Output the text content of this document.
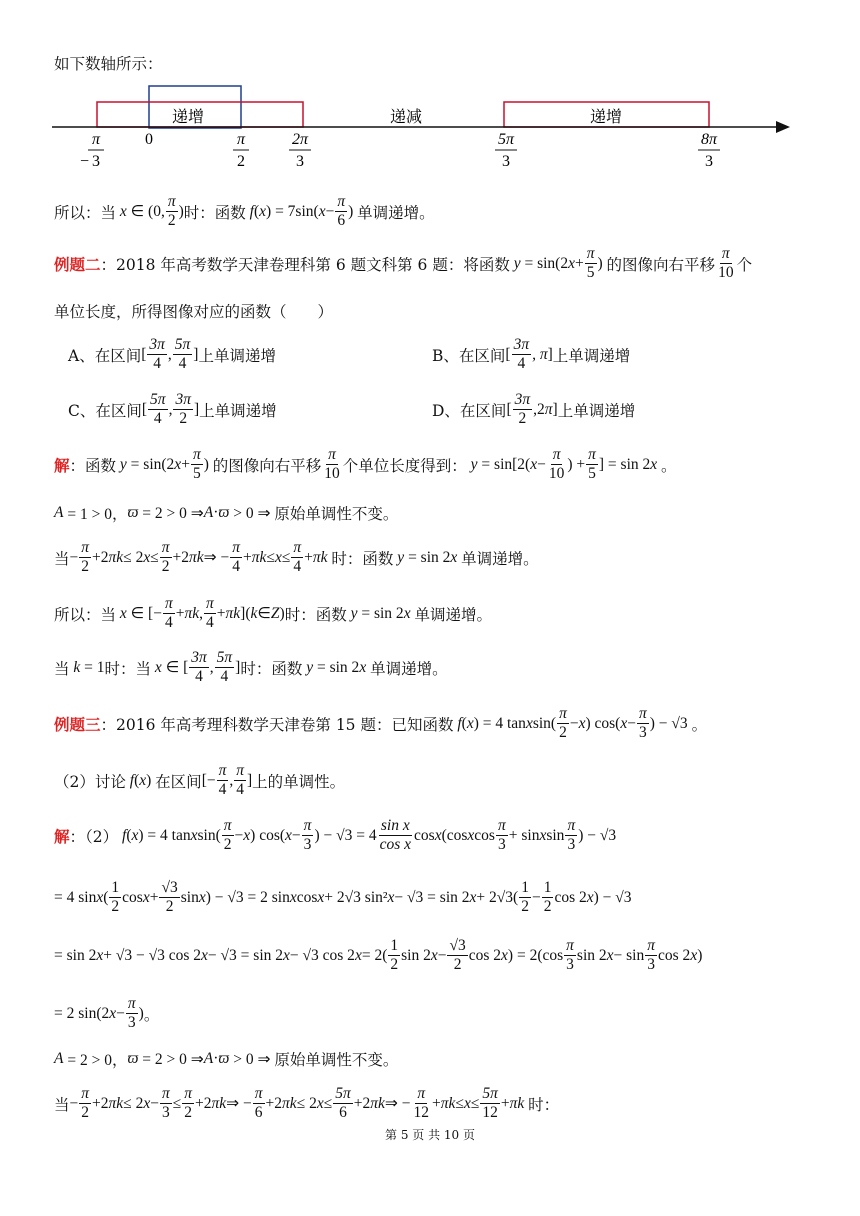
如下数轴所示：
递增	递减	递增
−
π
3
0	π
2
2π
3
5π
3
8π
3
所以：当 x ∈ (0, $\frac{\pi}{2}$ ) 时：函数 f ( x ) = 7sin( $x - \frac{\pi}{6}$ ) 单调递增。
例题二 ：2018 年高考数学天津卷理科第 6 题文科第 6 题：将函数 y = sin(2 $x + \frac{\pi}{5}$ ) 的图像向右平移 $\frac{\pi}{10}$ 个
单位长度，所得图像对应的函数（　　）
A、在区间 [ $\frac{3\pi}{4}$ , $\frac{5\pi}{4}$ ] 上单调递增	B、在区间 [ $\frac{3\pi}{4}$ , π ] 上单调递增
C、在区间 [ $\frac{5\pi}{4}$ , $\frac{3\pi}{2}$ ] 上单调递增	D、在区间 [ $\frac{3\pi}{2} ,2$ π ] 上单调递增
解 ：函数 y = sin(2 $x + \frac{\pi}{5}$ ) 的图像向右平移 $\frac{\pi}{10}$ 个单位长度得到： y = sin[2( $x - \frac{\pi}{10}$ ) + $\frac{\pi}{5}$ ] = sin 2 x 。
A = 1 > 0， ϖ = 2 > 0 ⇒ A · ϖ > 0 ⇒ 原始单调性不变。
当 − $\frac{\pi}{2} +2$ πk ≤ 2 $x \le \frac{\pi}{2} +2$ πk ⇒ − $\frac{\pi}{4} + \pi k \le x \le \frac{\pi}{4} + \pi k$
时：函数 y = sin 2 x
单调递增。
所以：当 x ∈ [− $\frac{\pi}{4} + \pi k$ , $\frac{\pi}{4} + \pi k$ ]( k ∈ Z ) 时：函数 y = sin 2 x
单调递增。
当 k = 1 时：当 x ∈ [ $\frac{3\pi}{4}$ , $\frac{5\pi}{4}$ ] 时：函数 y = sin 2 x
单调递增。
例题三 ：2016 年高考理科数学天津卷第 15 题：已知函数 f ( x ) = 4 tan x $\sin( \frac{\pi}{2} - x$ ) cos( $x - \frac{\pi}{3}$ ) − √3 。
（2）讨论 f ( x ) 在区间 [− $\frac{\pi}{4}$ , $\frac{\pi}{4}$ ] 上的单调性。
解 ：（2） f ( x ) = 4 tan x $\sin( \frac{\pi}{2} - x$ ) cos( $x - \frac{\pi}{3}$ ) − $√3 = 4 \frac{\text{sin x}}{\text{cos x}}$ cos x (cos x $\cos \frac{\pi}{3} + \sin x$ $\sin \frac{\pi}{3}$ ) − √3
= 4 sin x ( $\frac{1}{2}$ $\cos x + \frac{√3}{2}$ sin x ) − √3 = 2 sin x cos x + 2√3 sin² x − √3 = sin 2 $x + 2√3( \frac{1}{2} - \frac{1}{2}$ cos 2 x ) − √3
= sin 2 x + √3 − √3 cos 2 x − √3 = sin 2 x − √3 cos 2 $x = 2( \frac{1}{2}$ sin 2 $x - \frac{√3}{2}$ cos 2 x ) = $2(\cos \frac{\pi}{3}$ sin 2 $x - \sin \frac{\pi}{3}$ cos 2 x )
= 2 sin(2 $x - \frac{\pi}{3}$ ) 。
A = 2 > 0， ϖ = 2 > 0 ⇒ A · ϖ > 0 ⇒ 原始单调性不变。
当 − $\frac{\pi}{2} +2$ πk ≤ 2 $x - \frac{\pi}{3} \le \frac{\pi}{2} +2$ πk ⇒ − $\frac{\pi}{6} +2$ πk ≤ 2 $x \le \frac{5\pi}{6} +2$ πk ⇒ − $\frac{\pi}{12} + \pi k \le x \le \frac{5\pi}{12} + \pi k$
时：
第 5 页 共 10 页
